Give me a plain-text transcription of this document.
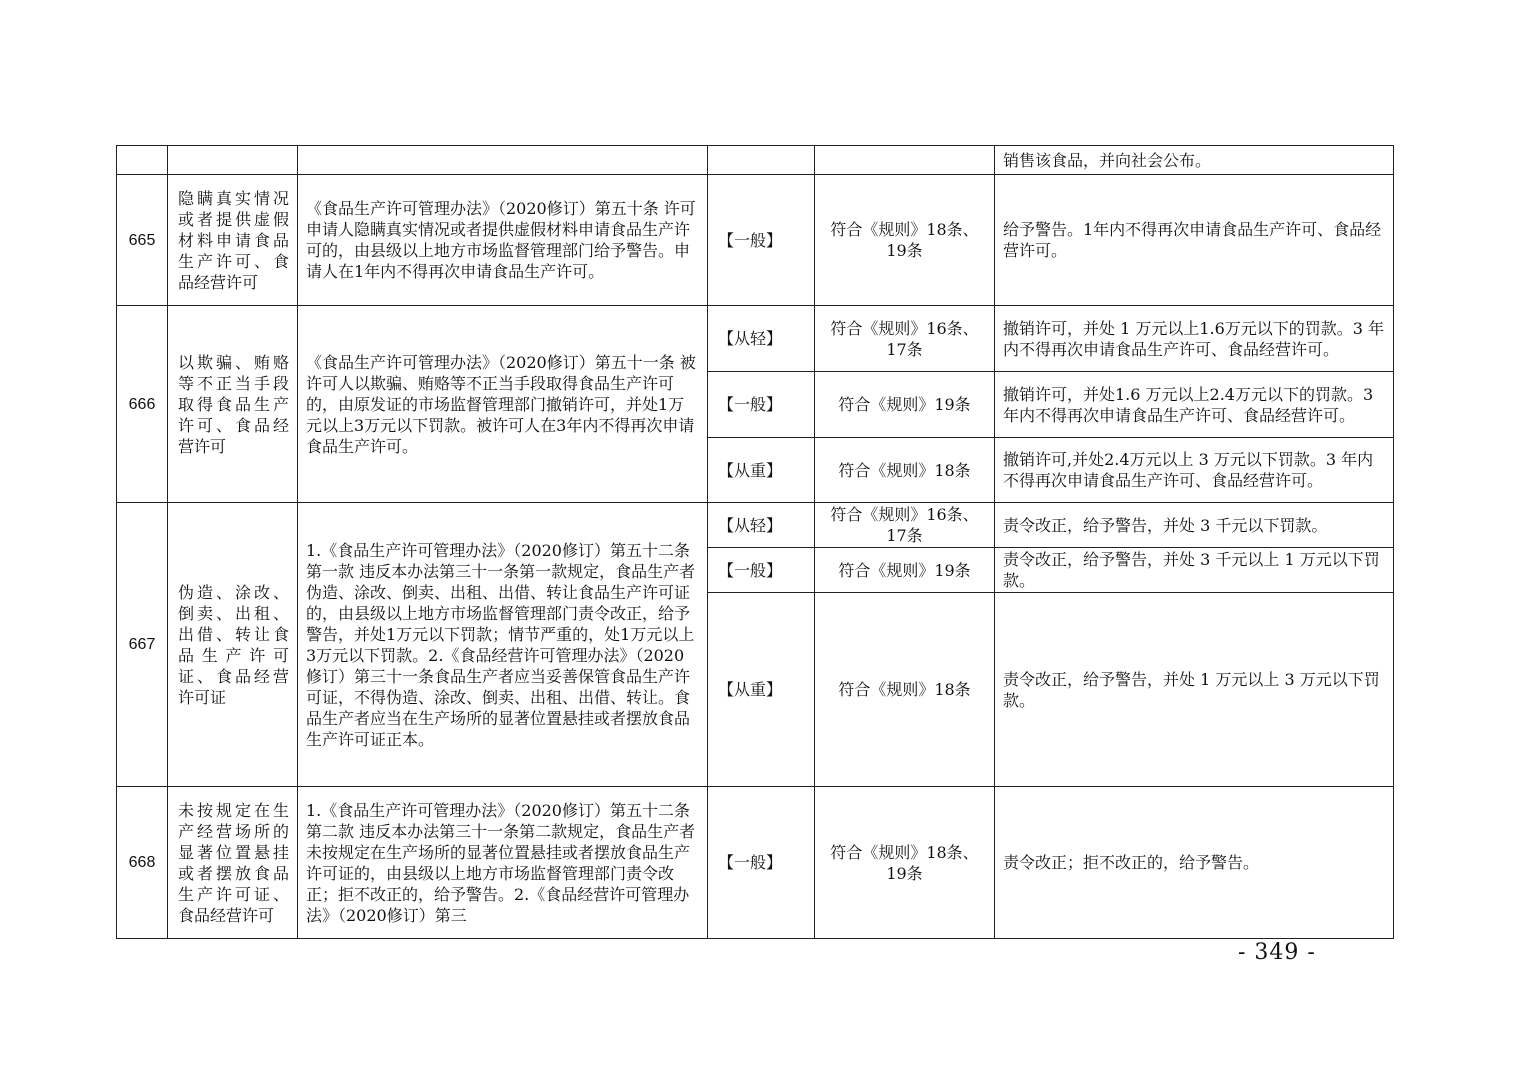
					销售该食品，并向社会公布。
665	隐瞒真实情况或者提供虚假材料申请食品生产许可、食品经营许可	《食品生产许可管理办法》（2020修订）第五十条 许可申请人隐瞒真实情况或者提供虚假材料申请食品生产许可的，由县级以上地方市场监督管理部门给予警告。申请人在1年内不得再次申请食品生产许可。	【一般】	符合《规则》18条、19条	给予警告。1年内不得再次申请食品生产许可、食品经营许可。
666	以欺骗、贿赂等不正当手段取得食品生产许可、食品经营许可	《食品生产许可管理办法》（2020修订）第五十一条 被许可人以欺骗、贿赂等不正当手段取得食品生产许可的，由原发证的市场监督管理部门撤销许可，并处1万元以上3万元以下罚款。被许可人在3年内不得再次申请食品生产许可。	【从轻】	符合《规则》16条、17条	撤销许可，并处 1 万元以上1.6万元以下的罚款。3 年内不得再次申请食品生产许可、食品经营许可。
			【一般】	符合《规则》19条	撤销许可，并处1.6 万元以上2.4万元以下的罚款。3 年内不得再次申请食品生产许可、食品经营许可。
			【从重】	符合《规则》18条	撤销许可,并处2.4万元以上 3 万元以下罚款。3 年内不得再次申请食品生产许可、食品经营许可。
667	伪造、涂改、倒卖、出租、出借、转让食品生产许可证、食品经营许可证	1.《食品生产许可管理办法》（2020修订）第五十二条第一款 违反本办法第三十一条第一款规定，食品生产者伪造、涂改、倒卖、出租、出借、转让食品生产许可证的，由县级以上地方市场监督管理部门责令改正，给予警告，并处1万元以下罚款；情节严重的，处1万元以上3万元以下罚款。2.《食品经营许可管理办法》（2020修订）第三十一条食品生产者应当妥善保管食品生产许可证，不得伪造、涂改、倒卖、出租、出借、转让。食品生产者应当在生产场所的显著位置悬挂或者摆放食品生产许可证正本。	【从轻】	符合《规则》16条、17条	责令改正，给予警告，并处 3 千元以下罚款。
			【一般】	符合《规则》19条	责令改正，给予警告，并处 3 千元以上 1 万元以下罚款。
			【从重】	符合《规则》18条	责令改正，给予警告，并处 1 万元以上 3 万元以下罚款。
668	未按规定在生产经营场所的显著位置悬挂或者摆放食品生产许可证、食品经营许可	1.《食品生产许可管理办法》（2020修订）第五十二条第二款 违反本办法第三十一条第二款规定，食品生产者未按规定在生产场所的显著位置悬挂或者摆放食品生产许可证的，由县级以上地方市场监督管理部门责令改正；拒不改正的，给予警告。2.《食品经营许可管理办法》（2020修订）第三	【一般】	符合《规则》18条、19条	责令改正；拒不改正的，给予警告。
- 349 -
